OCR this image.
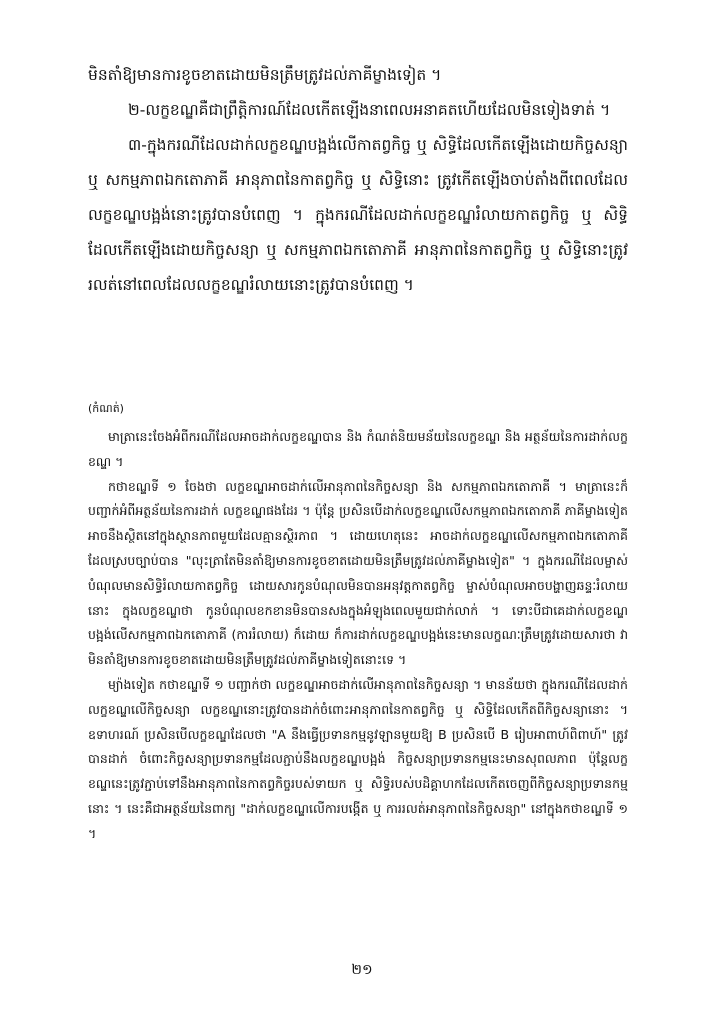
មិនតាំឱ្យមានការខូចខាតដោយមិនត្រឹមត្រូវដល់ភាគីម្ខាងទៀត ។

២-លក្ខខណ្ឌគឺជាព្រឹត្តិការណ៍ដែលកើតឡើងនាពេលអនាគតហើយដែលមិនទៀងទាត់ ។

៣-ក្នុងករណីដែលដាក់លក្ខខណ្ឌបង្អង់លើកាតព្វកិច្ច ឬ សិទ្ធិដែលកើតឡើងដោយកិច្ចសន្យា ឬ សកម្មភាពឯកតោភាគី អានុភាពនៃកាតព្វកិច្ច ឬ សិទ្ធិនោះ ត្រូវកើតឡើងចាប់តាំងពីពេលដែលលក្ខខណ្ឌបង្អង់នោះត្រូវបានបំពេញ ។ ក្នុងករណីដែលដាក់លក្ខខណ្ឌរំលាយកាតព្វកិច្ច ឬ សិទ្ធិដែលកើតឡើងដោយកិច្ចសន្យា ឬ សកម្មភាពឯកតោភាគី អានុភាពនៃកាតព្វកិច្ច ឬ សិទ្ធិនោះត្រូវរលត់នៅពេលដែលលក្ខខណ្ឌរំលាយនោះត្រូវបានបំពេញ ។

(កំណត់)

មាត្រានេះចែងអំពីករណីដែលអាចដាក់លក្ខខណ្ឌបាន និង កំណត់និយមន័យនៃលក្ខខណ្ឌ និង អត្ថន័យនៃការដាក់លក្ខខណ្ឌ ។

កថាខណ្ឌទី ១ ចែងថា លក្ខខណ្ឌអាចដាក់លើអានុភាពនៃកិច្ចសន្យា និង សកម្មភាពឯកតោភាគី ។ មាត្រានេះក៏បញ្ជាក់អំពីអត្ថន័យនៃការដាក់ លក្ខខណ្ឌផងដែរ ។ ប៉ុន្តែ ប្រសិនបើដាក់លក្ខខណ្ឌលើសកម្មភាពឯកតោភាគី ភាគីម្ខាងទៀតអាចនឹងស្ថិតនៅក្នុងស្ថានភាពមួយដែលគ្មានស្ថិរភាព ។ ដោយហេតុនេះ អាចដាក់លក្ខខណ្ឌលើសកម្មភាពឯកតោភាគីដែលស្របច្បាប់បាន "លុះត្រាតែមិនតាំឱ្យមានការខូចខាតដោយមិនត្រឹមត្រូវដល់ភាគីម្ខាងទៀត" ។ ក្នុងករណីដែលម្ចាស់បំណុលមានសិទ្ធិរំលាយកាតព្វកិច្ច ដោយសារកូនបំណុលមិនបានអនុវត្តកាតព្វកិច្ច ម្ចាស់បំណុលអាចបង្ហាញឆន្ទៈរំលាយនោះ ក្នុងលក្ខខណ្ឌថា កូនបំណុលខកខានមិនបានសងក្នុងអំឡុងពេលមួយជាក់លាក់ ។ ទោះបីជាគេដាក់លក្ខខណ្ឌបង្អង់លើសកម្មភាពឯកតោភាគី (ការរំលាយ) ក៏ដោយ ក៏ការដាក់លក្ខខណ្ឌបង្អង់នេះមានលក្ខណៈត្រឹមត្រូវដោយសារថា វាមិនតាំឱ្យមានការខូចខាតដោយមិនត្រឹមត្រូវដល់ភាគីម្ខាងទៀតនោះទេ ។

ម្យ៉ាងទៀត កថាខណ្ឌទី ១ បញ្ជាក់ថា លក្ខខណ្ឌអាចដាក់លើអានុភាពនៃកិច្ចសន្យា ។ មានន័យថា ក្នុងករណីដែលដាក់លក្ខខណ្ឌលើកិច្ចសន្យា លក្ខខណ្ឌនោះត្រូវបានដាក់ចំពោះអានុភាពនៃកាតព្វកិច្ច ឬ សិទ្ធិដែលកើតពីកិច្ចសន្យានោះ ។ ឧទាហរណ៍ ប្រសិនបើលក្ខខណ្ឌដែលថា "A នឹងធ្វើប្រទានកម្មនូវឡានមួយឱ្យ B ប្រសិនបើ B រៀបអាពាហ៍ពិពាហ៍" ត្រូវបានដាក់ ចំពោះកិច្ចសន្យាប្រទានកម្មដែលភ្ជាប់នឹងលក្ខខណ្ឌបង្អង់ កិច្ចសន្យាប្រទានកម្មនេះមានសុពលភាព ប៉ុន្តែលក្ខខណ្ឌនេះត្រូវភ្ជាប់ទៅនឹងអានុភាពនៃកាតព្វកិច្ចរបស់ទាយក ឬ សិទ្ធិរបស់បដិគ្គាហកដែលកើតចេញពីកិច្ចសន្យាប្រទានកម្មនោះ ។ នេះគឺជាអត្ថន័យនៃពាក្យ "ដាក់លក្ខខណ្ឌលើការបង្កើត ឬ ការរលត់អានុភាពនៃកិច្ចសន្យា" នៅក្នុងកថាខណ្ឌទី ១ ។

២១
